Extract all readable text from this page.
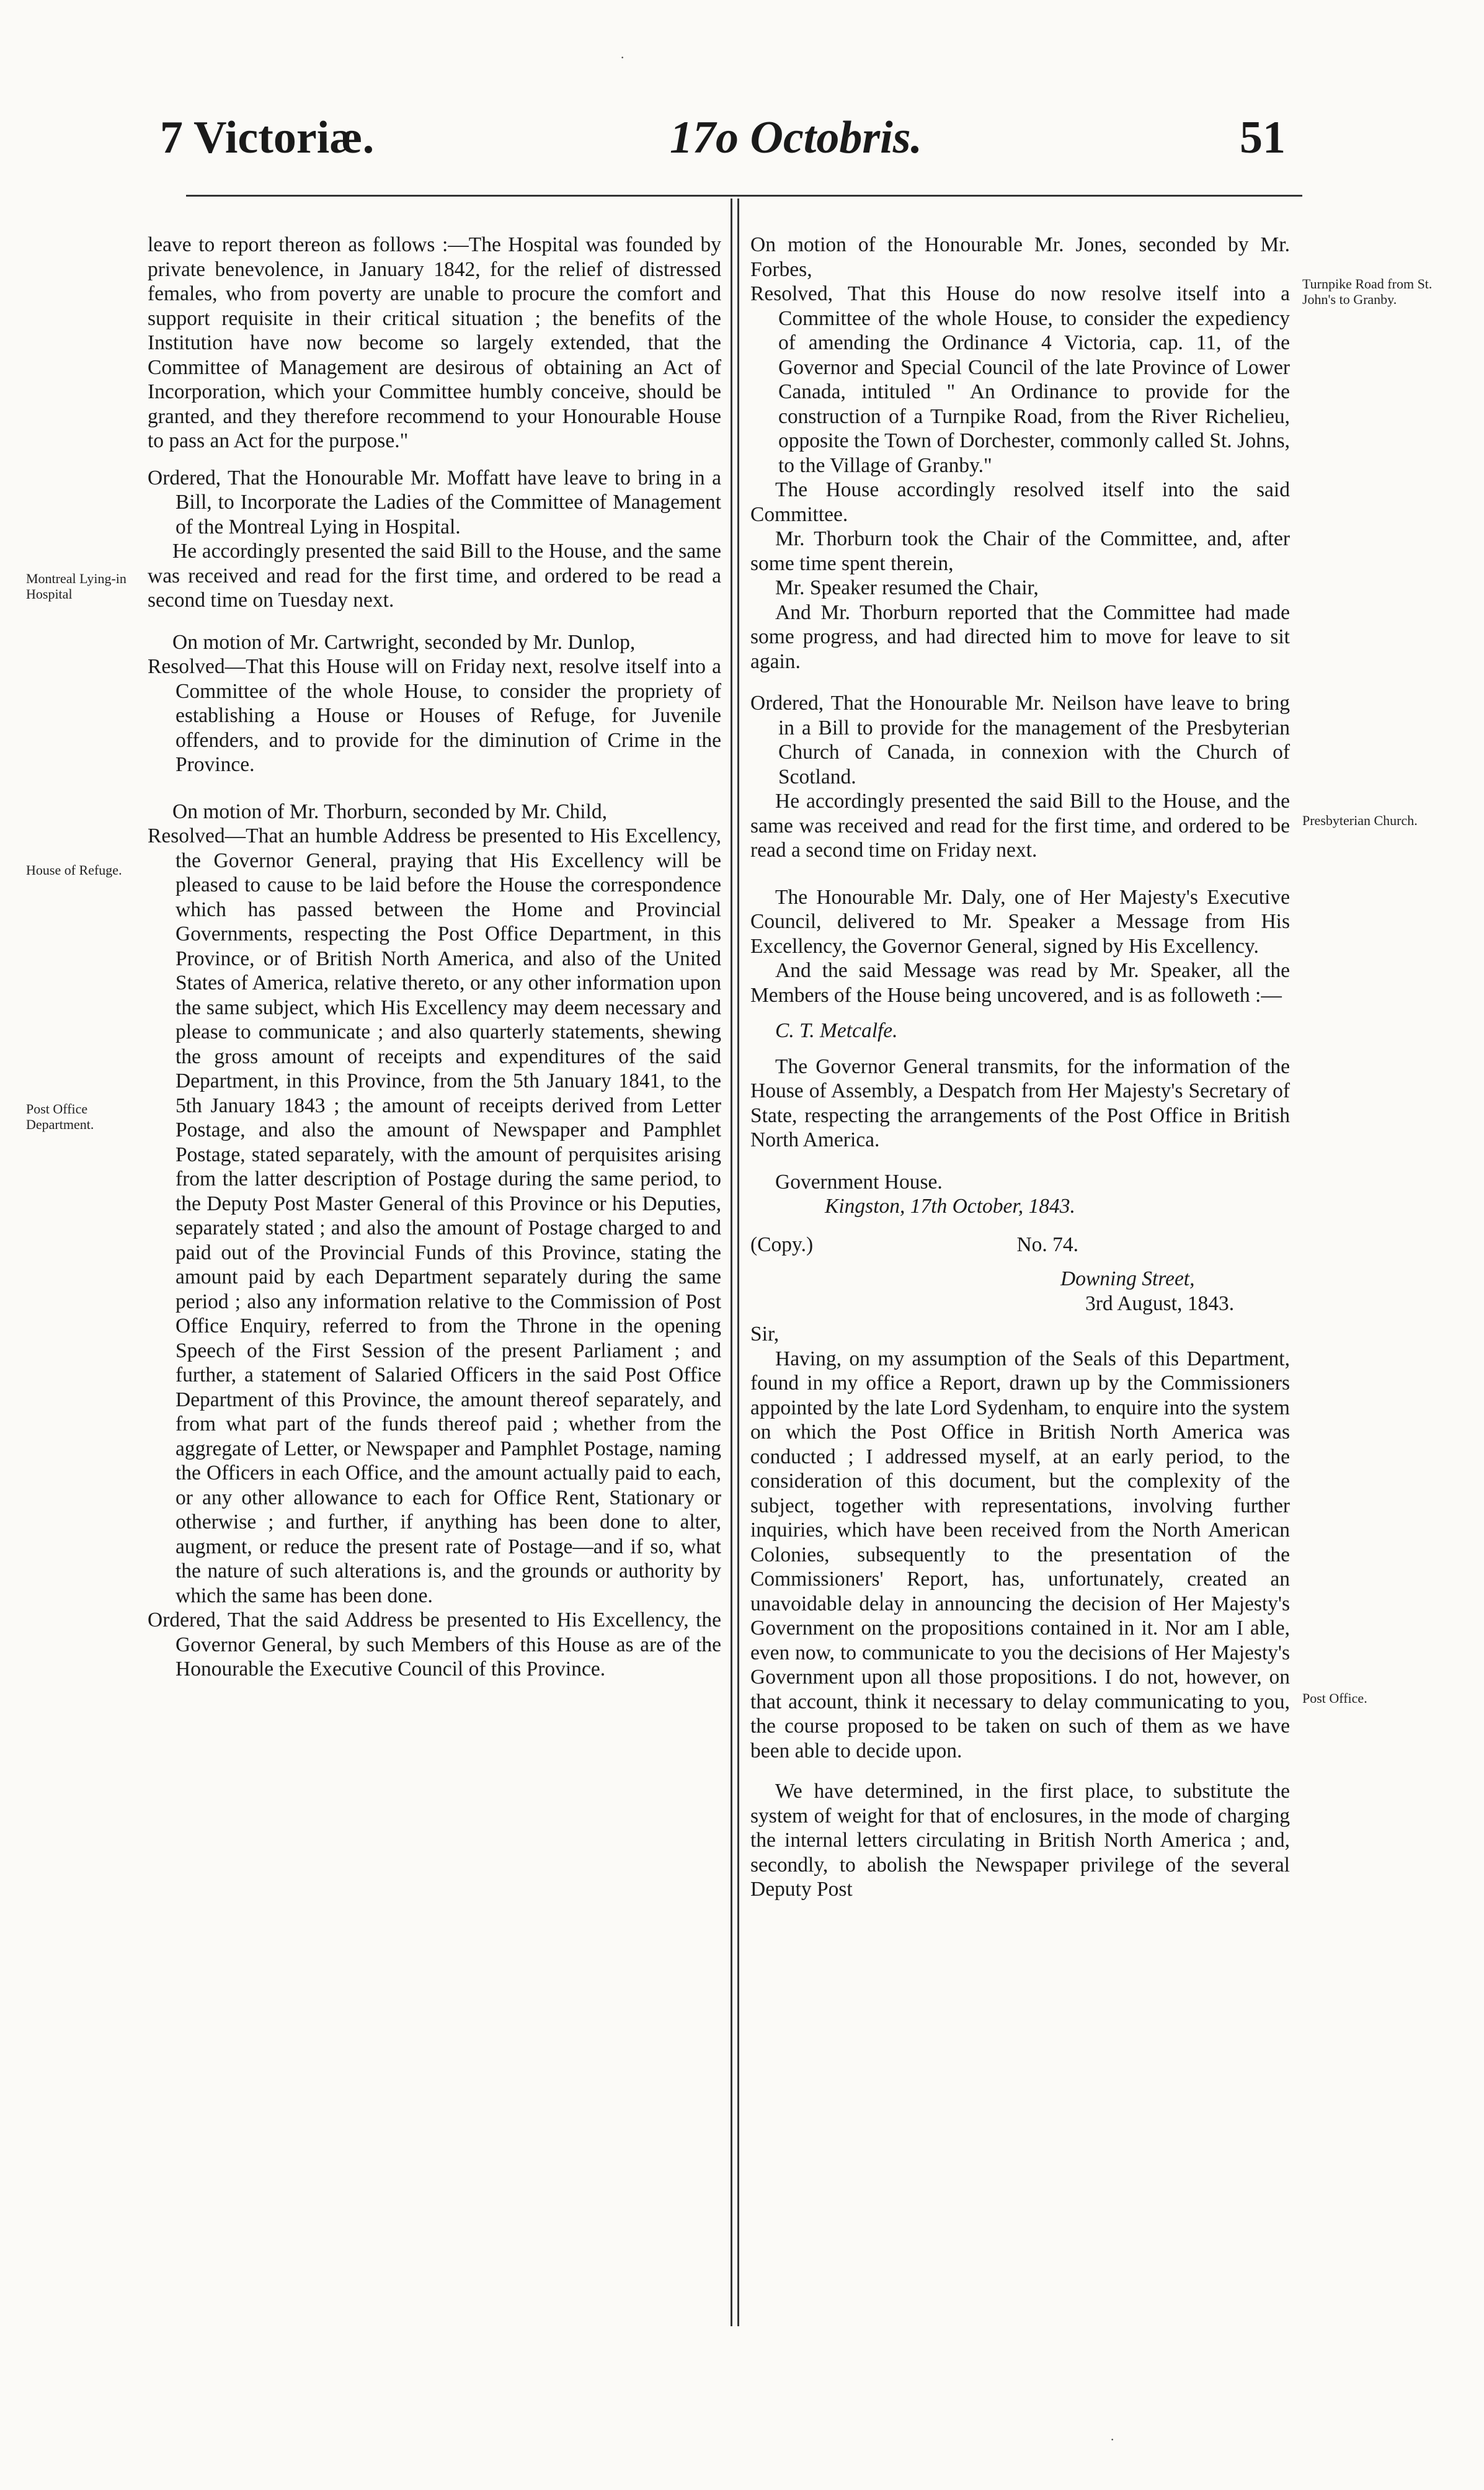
7 Victoriæ.	17o Octobris.	51
Montreal Lying-in Hospital
House of Refuge.
Post Office Department.
Turnpike Road from St. John's to Granby.
Presbyterian Church.
Post Office.

leave to report thereon as follows :—The Hospital was founded by private benevolence, in January 1842, for the relief of distressed females, who from poverty are unable to procure the comfort and support requisite in their critical situation ; the benefits of the Institution have now become so largely extended, that the Committee of Management are desirous of obtaining an Act of Incorporation, which your Committee humbly conceive, should be granted, and they therefore recommend to your Honourable House to pass an Act for the purpose."

Ordered, That the Honourable Mr. Moffatt have leave to bring in a Bill, to Incorporate the Ladies of the Committee of Management of the Montreal Lying in Hospital.

He accordingly presented the said Bill to the House, and the same was received and read for the first time, and ordered to be read a second time on Tuesday next.

On motion of Mr. Cartwright, seconded by Mr. Dunlop,

Resolved—That this House will on Friday next, resolve itself into a Committee of the whole House, to consider the propriety of establishing a House or Houses of Refuge, for Juvenile offenders, and to provide for the diminution of Crime in the Province.

On motion of Mr. Thorburn, seconded by Mr. Child,

Resolved—That an humble Address be presented to His Excellency, the Governor General, praying that His Excellency will be pleased to cause to be laid before the House the correspondence which has passed between the Home and Provincial Governments, respecting the Post Office Department, in this Province, or of British North America, and also of the United States of America, relative thereto, or any other information upon the same subject, which His Excellency may deem necessary and please to communicate ; and also quarterly statements, shewing the gross amount of receipts and expenditures of the said Department, in this Province, from the 5th January 1841, to the 5th January 1843 ; the amount of receipts derived from Letter Postage, and also the amount of Newspaper and Pamphlet Postage, stated separately, with the amount of perquisites arising from the latter description of Postage during the same period, to the Deputy Post Master General of this Province or his Deputies, separately stated ; and also the amount of Postage charged to and paid out of the Provincial Funds of this Province, stating the amount paid by each Department separately during the same period ; also any information relative to the Commission of Post Office Enquiry, referred to from the Throne in the opening Speech of the First Session of the present Parliament ; and further, a statement of Salaried Officers in the said Post Office Department of this Province, the amount thereof separately, and from what part of the funds thereof paid ; whether from the aggregate of Letter, or Newspaper and Pamphlet Postage, naming the Officers in each Office, and the amount actually paid to each, or any other allowance to each for Office Rent, Stationary or otherwise ; and further, if anything has been done to alter, augment, or reduce the present rate of Postage—and if so, what the nature of such alterations is, and the grounds or authority by which the same has been done.

Ordered, That the said Address be presented to His Excellency, the Governor General, by such Members of this House as are of the Honourable the Executive Council of this Province.

On motion of the Honourable Mr. Jones, seconded by Mr. Forbes,

Resolved, That this House do now resolve itself into a Committee of the whole House, to consider the expediency of amending the Ordinance 4 Victoria, cap. 11, of the Governor and Special Council of the late Province of Lower Canada, intituled " An Ordinance to provide for the construction of a Turnpike Road, from the River Richelieu, opposite the Town of Dorchester, commonly called St. Johns, to the Village of Granby."

The House accordingly resolved itself into the said Committee.

Mr. Thorburn took the Chair of the Committee, and, after some time spent therein,

Mr. Speaker resumed the Chair,

And Mr. Thorburn reported that the Committee had made some progress, and had directed him to move for leave to sit again.

Ordered, That the Honourable Mr. Neilson have leave to bring in a Bill to provide for the management of the Presbyterian Church of Canada, in connexion with the Church of Scotland.

He accordingly presented the said Bill to the House, and the same was received and read for the first time, and ordered to be read a second time on Friday next.

The Honourable Mr. Daly, one of Her Majesty's Executive Council, delivered to Mr. Speaker a Message from His Excellency, the Governor General, signed by His Excellency.

And the said Message was read by Mr. Speaker, all the Members of the House being uncovered, and is as followeth :—

C. T. Metcalfe.

The Governor General transmits, for the information of the House of Assembly, a Despatch from Her Majesty's Secretary of State, respecting the arrangements of the Post Office in British North America.

Government House.

Kingston, 17th October, 1843.

(Copy.)	No. 74.

Downing Street,

3rd August, 1843.

Sir,

Having, on my assumption of the Seals of this Department, found in my office a Report, drawn up by the Commissioners appointed by the late Lord Sydenham, to enquire into the system on which the Post Office in British North America was conducted ; I addressed myself, at an early period, to the consideration of this document, but the complexity of the subject, together with representations, involving further inquiries, which have been received from the North American Colonies, subsequently to the presentation of the Commissioners' Report, has, unfortunately, created an unavoidable delay in announcing the decision of Her Majesty's Government on the propositions contained in it. Nor am I able, even now, to communicate to you the decisions of Her Majesty's Government upon all those propositions. I do not, however, on that account, think it necessary to delay communicating to you, the course proposed to be taken on such of them as we have been able to decide upon.

We have determined, in the first place, to substitute the system of weight for that of enclosures, in the mode of charging the internal letters circulating in British North America ; and, secondly, to abolish the Newspaper privilege of the several Deputy Post

·
·
